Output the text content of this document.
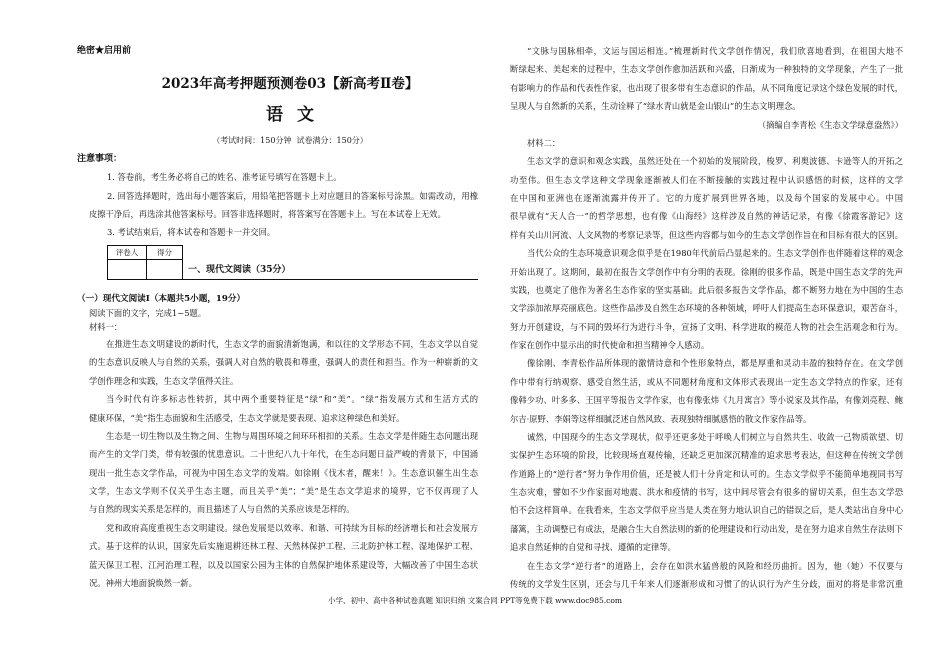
绝密★启用前
2023年高考押题预测卷03【新高考Ⅱ卷】
语 文
（考试时间：150分钟  试卷满分：150分）
注意事项：
1. 答卷前，考生务必将自己的姓名、准考证号填写在答题卡上。
2. 回答选择题时，选出每小题答案后，用铅笔把答题卡上对应题目的答案标号涂黑。如需改动，用橡
皮擦干净后，再选涂其他答案标号。回答非选择题时，将答案写在答题卡上。写在本试卷上无效。
3. 考试结束后，将本试卷和答题卡一并交回。
评卷人	得分
一、现代文阅读（35分）
（一）现代文阅读Ⅰ（本题共5小题，19分）
阅读下面的文字，完成1~5题。
材料一：
在推进生态文明建设的新时代，生态文学的面貌清新饱满，和以往的文学形态不同，生态文学以自觉
的生态意识反映人与自然的关系，强调人对自然的敬畏和尊重，强调人的责任和担当。作为一种崭新的文
学创作理念和实践，生态文学值得关注。
当今时代有许多标志性转折，其中两个重要特征是“绿”和“美”。“绿”指发展方式和生活方式的
健康环保，“美”指生态面貌和生活感受，生态文学就是要表现、追求这种绿色和美好。
生态是一切生物以及生物之间、生物与周围环境之间环环相扣的关系。生态文学是伴随生态问题出现
而产生的文学门类，带有较强的忧患意识。二十世纪八九十年代，在生态问题日益严峻的背景下，中国涌
现出一批生态文学作品，可视为中国生态文学的发端。如徐刚《伐木者，醒来！》。生态意识催生出生态
文学，生态文学则不仅关乎生态主题，而且关乎“美”；“美”是生态文学追求的境界，它不仅再现了人
与自然的现实关系是怎样的，而且描述了人与自然的关系应该是怎样的。
党和政府高度重视生态文明建设。绿色发展是以效率、和谐、可持续为目标的经济增长和社会发展方
式。基于这样的认识，国家先后实施退耕还林工程、天然林保护工程、三北防护林工程、湿地保护工程、
蓝天保卫工程、江河治理工程，以及以国家公园为主体的自然保护地体系建设等，大幅改善了中国生态状
况。神州大地面貌焕然一新。
“文脉与国脉相牵，文运与国运相连。”梳理新时代文学创作情况，我们欣喜地看到，在祖国大地不
断绿起来、美起来的过程中，生态文学创作愈加活跃和兴盛，日渐成为一种独特的文学现象，产生了一批
有影响力的作品和代表性作家，也出现了很多带有生态意识的作品，从不同角度记录这个绿色发展的时代，
呈现人与自然新的关系，生动诠释了“绿水青山就是金山银山”的生态文明理念。
（摘编自李青松《生态文学绿意盎然》）
材料二：
生态文学的意识和观念实践，虽然还处在一个初始的发展阶段，梭罗、利奥波德、卡逊等人的开拓之
功至伟。但生态文学这种文学现象逐渐被人们在不断接触的实践过程中认识感悟的时候，这样的文学
在中国和亚洲也在逐渐流露并传开了。它的力度扩展到世界各地，以及每个国家的发展中心。中国
很早就有“天人合一”的哲学思想，也有像《山海经》这样涉及自然的神话记录，有像《徐霞客游记》这
样有关山川河流、人文风物的考察记录等，但这些内容都与如今的生态文学创作旨在和目标有很大的区别。
当代公众的生态环境意识观念似乎是在1980年代前后凸显起来的。生态文学创作也伴随着这样的观念
开始出现了。这期间，最初在报告文学创作中有分明的表现。徐刚的很多作品，既是中国生态文学的先声
实践，也奠定了他作为著名生态作家的坚实基础。此后很多报告文学作品，都不断努力地在为中国的生态
文学添加浓厚亮丽底色。这些作品涉及自然生态环境的各种领域，呼吁人们提高生态环保意识，艰苦奋斗，
努力开创建设，与不同的毁坏行为进行斗争，宣扬了文明、科学进取的模范人物的社会生活观念和行为。
作家在创作中显示出的时代使命和担当精神令人感动。
像徐刚、李青松作品所体现的激情诗意和个性形象特点，都是厚重和灵动丰盈的独特存在。在文学创
作中带有行纳观察、感受自然生活，或从不同题材角度和文体形式表现出一定生态文学特点的作家，还有
像韩少功、叶多多、王国平等报告文学作家，也有像张炜《九月寓言》等小说家及其作品，有像刘亮程、鲍
尔吉·原野、李娟等这样细腻泛述自然风致、表现独特细腻感悟的散文作家作品等。
诚然，中国现今的生态文学现状，似乎还更多处于呼唤人们树立与自然共生、收敛一己物质欲望、切
实保护生态环境的阶段，比较现场直观传输，还缺乏更加深沉精准的追求思考表达，但这种在传统文学创
作道路上的“逆行者”努力争作用价值，还是被人们十分肯定和认可的。生态文学似乎不能简单地视同书写
生态灾难，譬如不少作家面对地震、洪水和疫情的书写，这中间尽管会有很多的留切关系，但生态文学恐
怕不会这样简单。在我看来，生态文学似乎应当是人类在努力地认识自己的错误之后，是人类站出自身中心
藩篱，主动调整已有成法，是融合生大自然法则的新的伦理建设和行动出发，是在努力追求自然生存法则下
追求自然延伸的自觉和寻找、遵循的定律等。
在生态文学“逆行者”的道路上，会存在如洪水猛兽般的风险和经历曲折。因为，他（她）不仅要与
传统的文学发生区别，还会与几千年来人们逐渐形成和习惯了的认识行为产生分歧，面对的将是非常沉重
小学、初中、高中各种试卷真题 知识归纳 文案合同 PPT等免费下载 www.doc985.com
